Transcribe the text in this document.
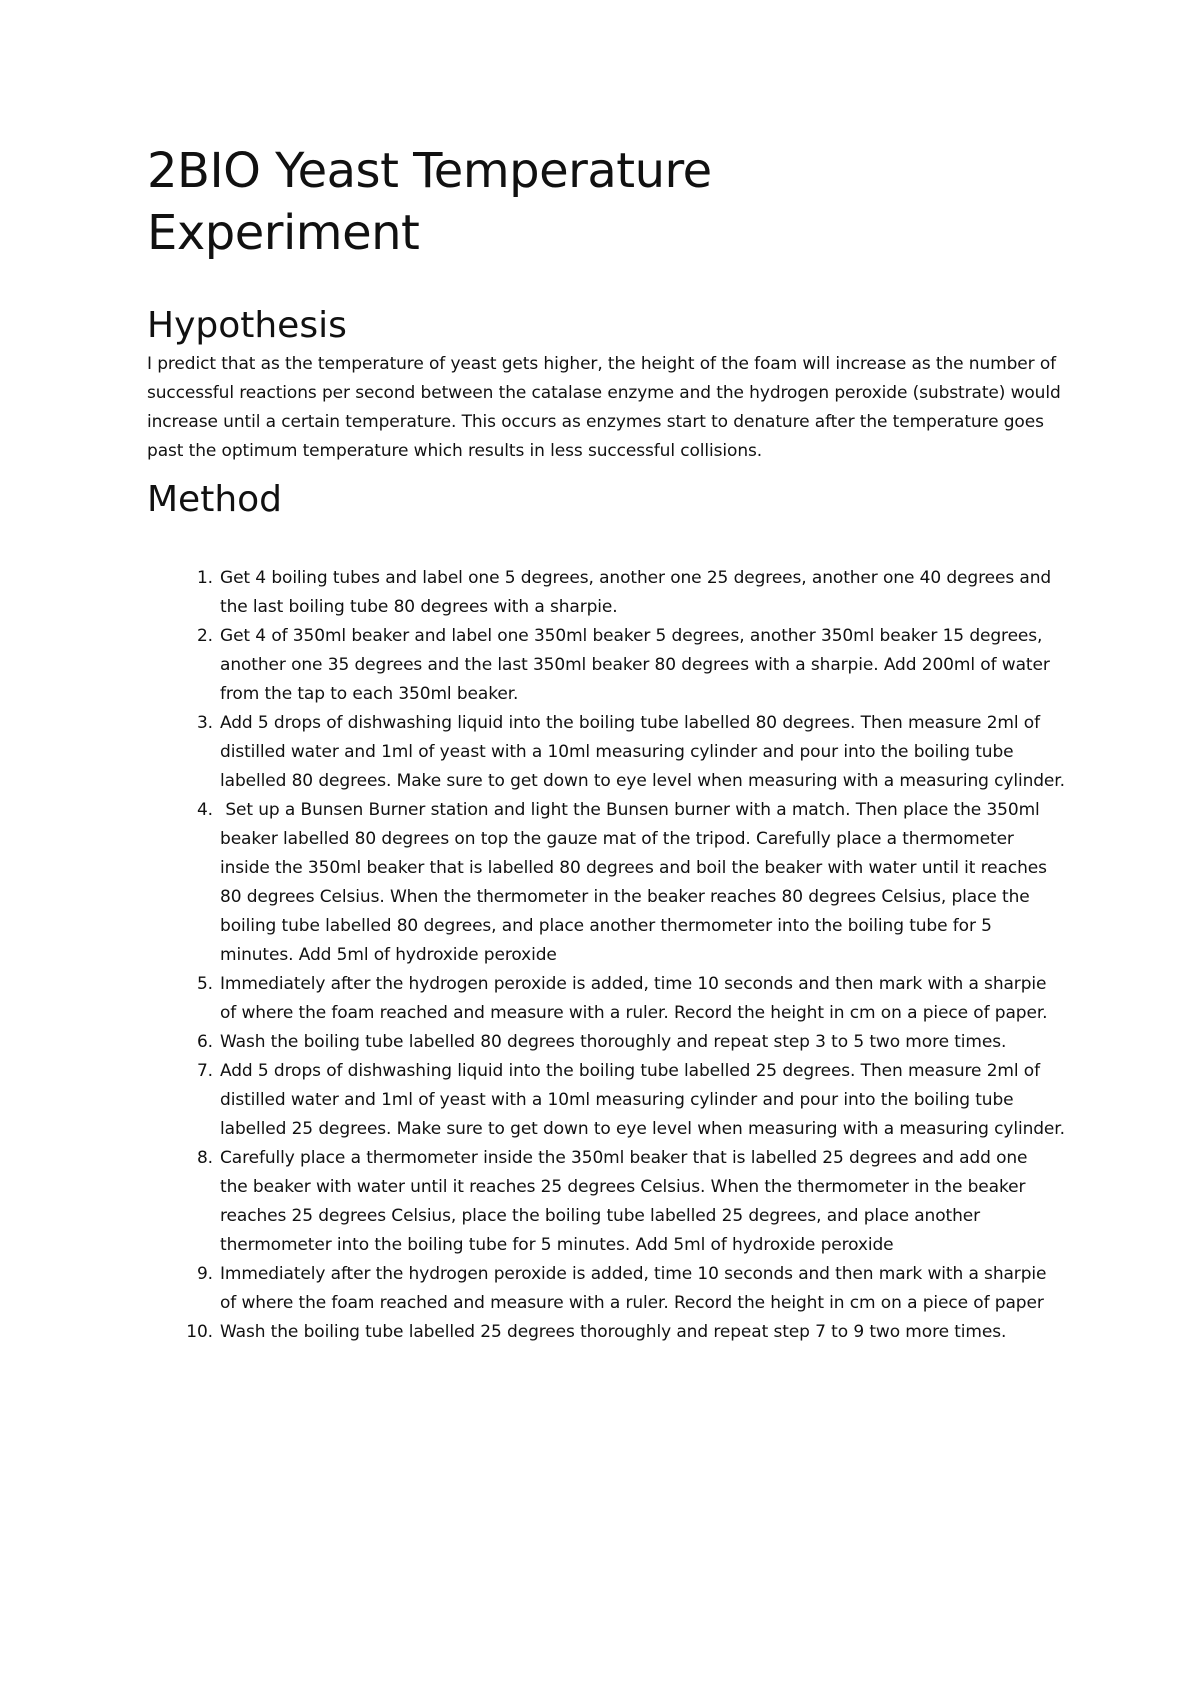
2BIO Yeast Temperature
Experiment
Hypothesis

I predict that as the temperature of yeast gets higher, the height of the foam will increase as the number of successful reactions per second between the catalase enzyme and the hydrogen peroxide (substrate) would increase until a certain temperature. This occurs as enzymes start to denature after the temperature goes past the optimum temperature which results in less successful collisions.

Method
1. Get 4 boiling tubes and label one 5 degrees, another one 25 degrees, another one 40 degrees and the last boiling tube 80 degrees with a sharpie.
2. Get 4 of 350ml beaker and label one 350ml beaker 5 degrees, another 350ml beaker 15 degrees, another one 35 degrees and the last 350ml beaker 80 degrees with a sharpie. Add 200ml of water from the tap to each 350ml beaker.
3. Add 5 drops of dishwashing liquid into the boiling tube labelled 80 degrees. Then measure 2ml of distilled water and 1ml of yeast with a 10ml measuring cylinder and pour into the boiling tube labelled 80 degrees. Make sure to get down to eye level when measuring with a measuring cylinder.
4. Set up a Bunsen Burner station and light the Bunsen burner with a match. Then place the 350ml beaker labelled 80 degrees on top the gauze mat of the tripod. Carefully place a thermometer inside the 350ml beaker that is labelled 80 degrees and boil the beaker with water until it reaches 80 degrees Celsius. When the thermometer in the beaker reaches 80 degrees Celsius, place the boiling tube labelled 80 degrees, and place another thermometer into the boiling tube for 5 minutes. Add 5ml of hydroxide peroxide
5. Immediately after the hydrogen peroxide is added, time 10 seconds and then mark with a sharpie of where the foam reached and measure with a ruler. Record the height in cm on a piece of paper.
6. Wash the boiling tube labelled 80 degrees thoroughly and repeat step 3 to 5 two more times.
7. Add 5 drops of dishwashing liquid into the boiling tube labelled 25 degrees. Then measure 2ml of distilled water and 1ml of yeast with a 10ml measuring cylinder and pour into the boiling tube labelled 25 degrees. Make sure to get down to eye level when measuring with a measuring cylinder.
8. Carefully place a thermometer inside the 350ml beaker that is labelled 25 degrees and add one   the beaker with water until it reaches 25 degrees Celsius. When the thermometer in the beaker reaches 25 degrees Celsius, place the boiling tube labelled 25 degrees, and place another thermometer into the boiling tube for 5 minutes. Add 5ml of hydroxide peroxide
9. Immediately after the hydrogen peroxide is added, time 10 seconds and then mark with a sharpie of where the foam reached and measure with a ruler. Record the height in cm on a piece of paper
10. Wash the boiling tube labelled 25 degrees thoroughly and repeat step 7 to 9 two more times.
